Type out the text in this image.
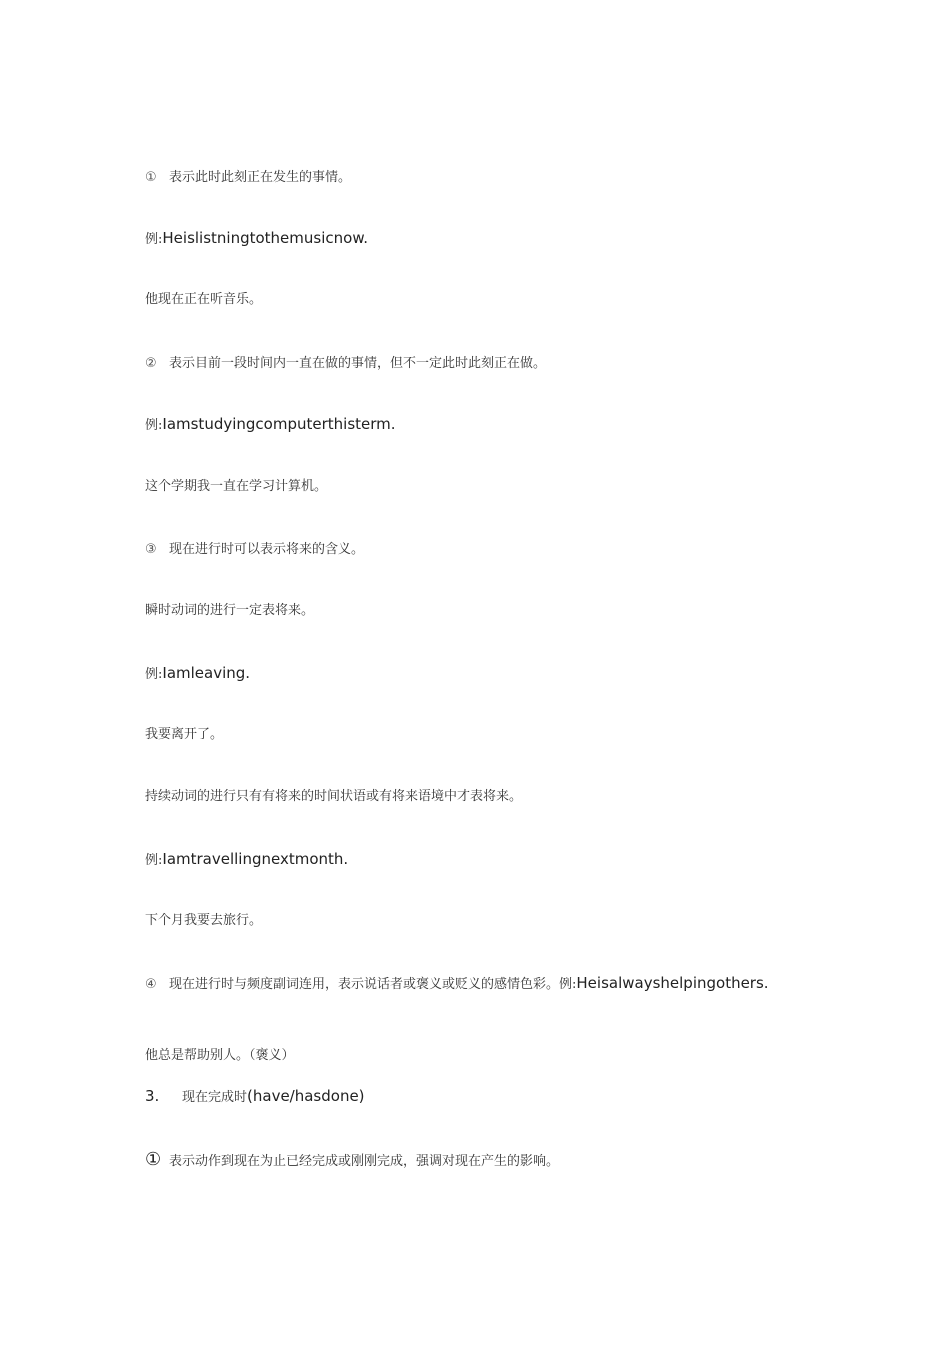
① 表示此时此刻正在发生的事情。
例:Heislistningtothemusicnow.
他现在正在听音乐。
② 表示目前一段时间内一直在做的事情，但不一定此时此刻正在做。
例:Iamstudyingcomputerthisterm.
这个学期我一直在学习计算机。
③ 现在进行时可以表示将来的含义。
瞬时动词的进行一定表将来。
例:Iamleaving.
我要离开了。
持续动词的进行只有有将来的时间状语或有将来语境中才表将来。
例:Iamtravellingnextmonth.
下个月我要去旅行。
④ 现在进行时与频度副词连用，表示说话者或褒义或贬义的感情色彩。例:Heisalwayshelpingothers.
他总是帮助别人。（褒义）
3. 现在完成时(have/hasdone)
① 表示动作到现在为止已经完成或刚刚完成，强调对现在产生的影响。
